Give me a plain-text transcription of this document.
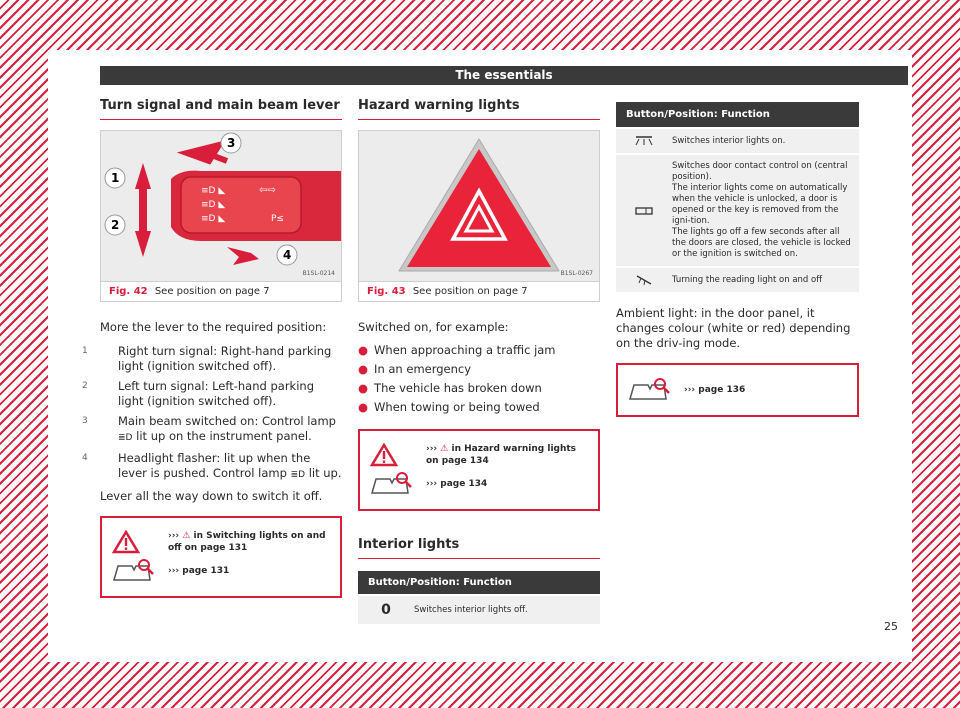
The essentials
Turn signal and main beam lever
≡D ◣
≡D ◣
≡D ◣
⇦⇨
P≤
1
2
3
4
B1SL-0214
Fig. 42 See position on page 7
More the lever to the required position:
1	Right turn signal: Right-hand parking light (ignition switched off).
2	Left turn signal: Left-hand parking light (ignition switched off).
3	Main beam switched on: Control lamp ≣D lit up on the instrument panel.
4	Headlight flasher: lit up when the lever is pushed. Control lamp ≣D lit up.
Lever all the way down to switch it off.
››› ⚠ in Switching lights on and off on page 131
››› page 131
Hazard warning lights
B1SL-0267
Fig. 43 See position on page 7
Switched on, for example:
● When approaching a traffic jam
● In an emergency
● The vehicle has broken down
● When towing or being towed
››› ⚠ in Hazard warning lights on page 134
››› page 134
Interior lights
Button/Position: Function
0	Switches interior lights off.
Button/Position: Function
Switches interior lights on.
Switches door contact control on (central position).
The interior lights come on automatically when the vehicle is unlocked, a door is opened or the key is removed from the igni-tion.
The lights go off a few seconds after all the doors are closed, the vehicle is locked or the ignition is switched on.
Turning the reading light on and off
Ambient light: in the door panel, it changes colour (white or red) depending on the driv-ing mode.
››› page 136
25
